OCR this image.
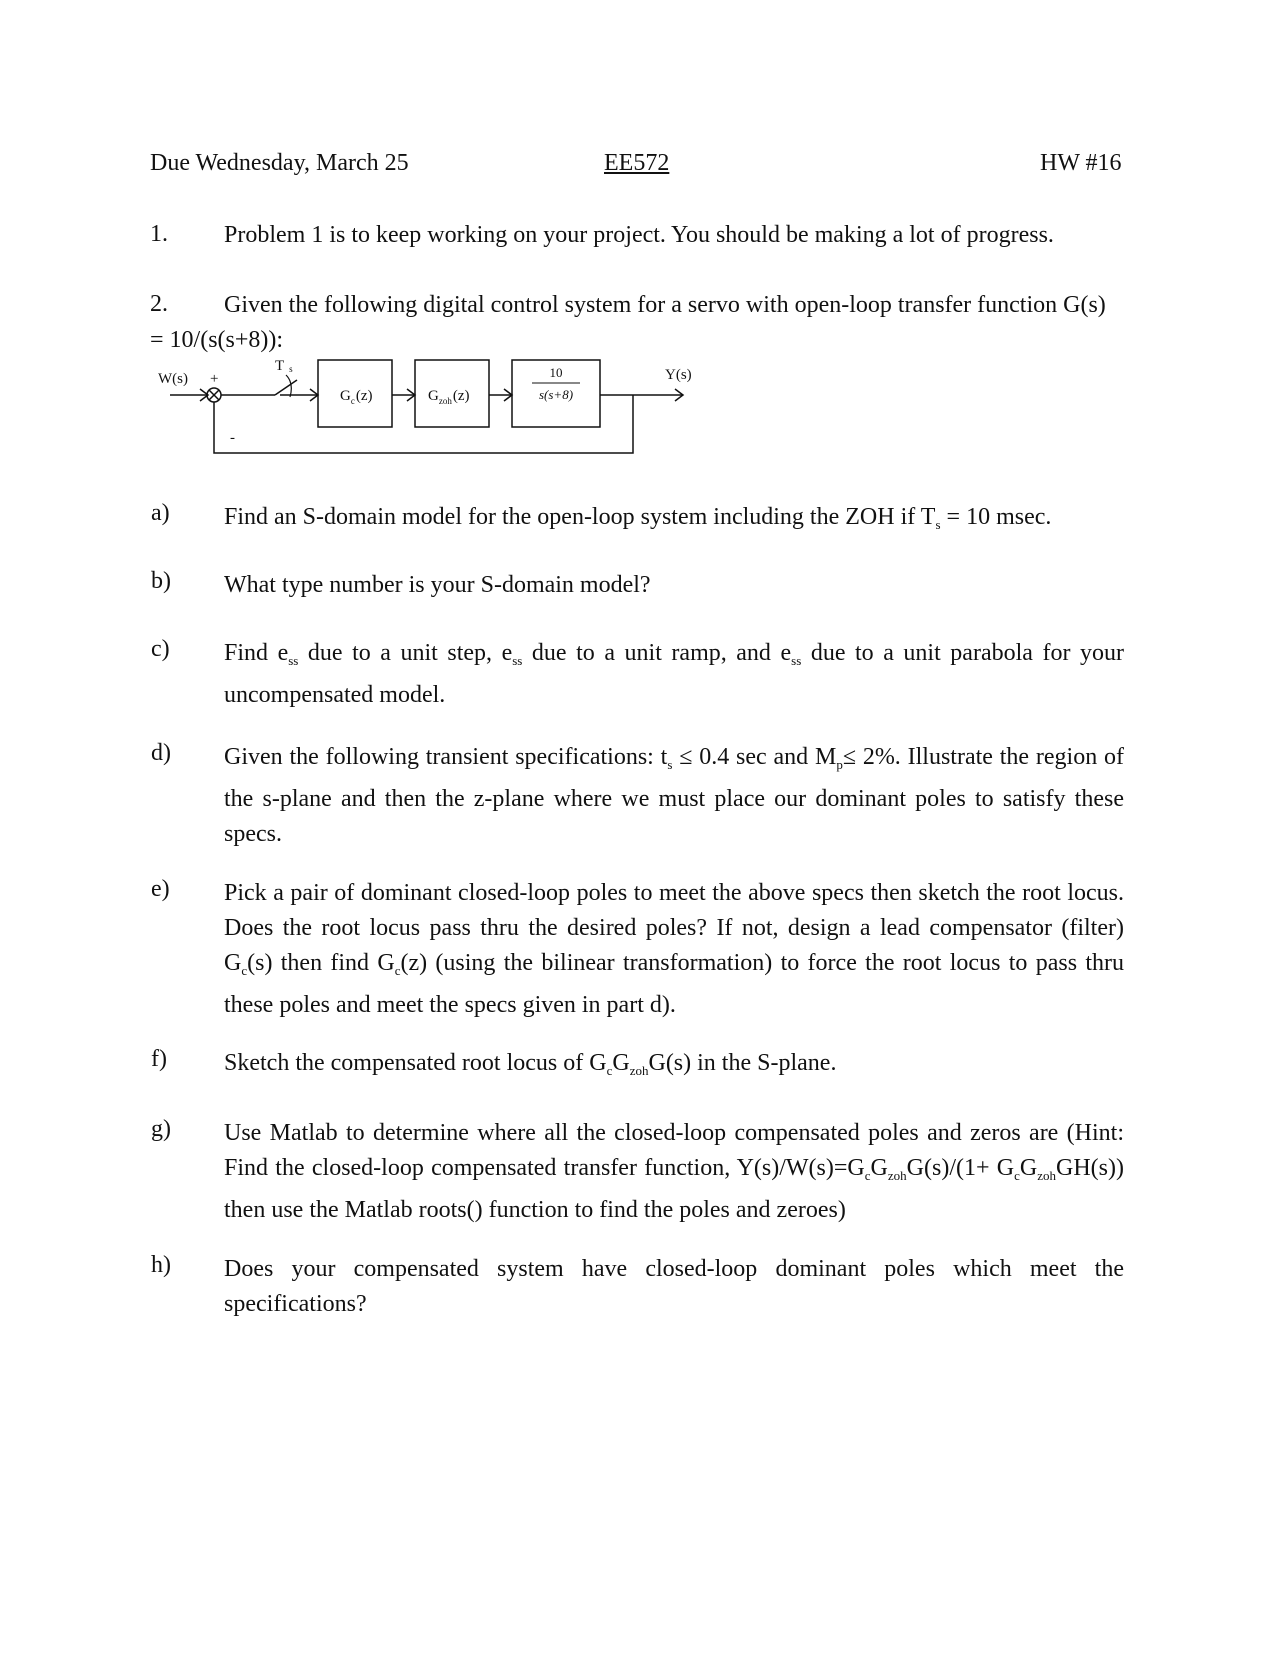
Due Wednesday, March 25	EE572	HW #16
1. Problem 1 is to keep working on your project. You should be making a lot of progress.
2. Given the following digital control system for a servo with open-loop transfer function G(s)
= 10/(s(s+8)):
W(s) +
-
Ts
$G_c(z)$	$G_{zoh}(z)$
10
s(s+8)
Y(s)
a)	Find an S-domain model for the open-loop system including the ZOH if $T_s = 10$ msec.
b)	What type number is your S-domain model?
c)	Find $e_{ss}$ due to a unit step, $e_{ss}$ due to a unit ramp, and $e_{ss}$ due to a unit parabola for your uncompensated model.
d)	Given the following transient specifications: $t_s \le 0.4$ sec and $M_p\le 2\%$. Illustrate the region of the s-plane and then the z-plane where we must place our dominant poles to satisfy these specs.
e)	Pick a pair of dominant closed-loop poles to meet the above specs then sketch the root locus. Does the root locus pass thru the desired poles? If not, design a lead compensator (filter) $G_c(s)$ then find $G_c(z)$ (using the bilinear transformation) to force the root locus to pass thru these poles and meet the specs given in part d).
f)	Sketch the compensated root locus of $G_cG_{zoh}G(s)$ in the S-plane.
g)	Use Matlab to determine where all the closed-loop compensated poles and zeros are (Hint: Find the closed-loop compensated transfer function, $Y(s)/W(s)=G_cG_{zoh}G(s)/(1+ G_cG_{zoh}GH(s))$ then use the Matlab roots() function to find the poles and zeroes)
h)	Does your compensated system have closed-loop dominant poles which meet the specifications?
